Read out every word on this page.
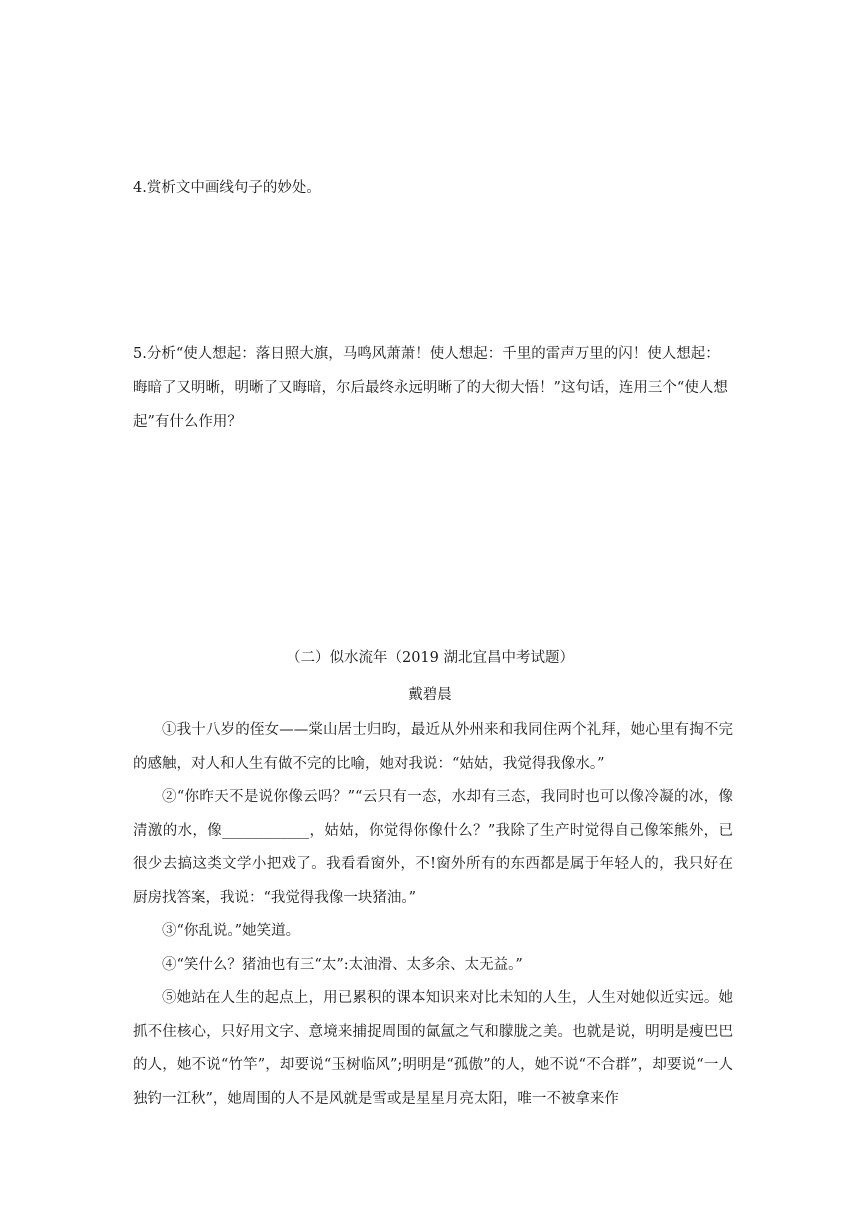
4.赏析文中画线句子的妙处。

5.分析“使人想起：落日照大旗，马鸣风萧萧！使人想起：千里的雷声万里的闪！使人想起：晦暗了又明晰，明晰了又晦暗，尔后最终永远明晰了的大彻大悟！”这句话，连用三个“使人想起”有什么作用？

（二）似水流年（2019 湖北宜昌中考试题）

戴碧晨

①我十八岁的侄女——棠山居士归昀，最近从外州来和我同住两个礼拜，她心里有掏不完的感触，对人和人生有做不完的比喻，她对我说：“姑姑，我觉得我像水。”

②“你昨天不是说你像云吗？”“云只有一态，水却有三态，我同时也可以像冷凝的冰，像清激的水，像____________，姑姑，你觉得你像什么？”我除了生产时觉得自己像笨熊外，已很少去搞这类文学小把戏了。我看看窗外，不!窗外所有的东西都是属于年轻人的，我只好在厨房找答案，我说：“我觉得我像一块猪油。”

③“你乱说。”她笑道。

④“笑什么？猪油也有三“太”:太油滑、太多余、太无益。”

⑤她站在人生的起点上，用已累积的课本知识来对比未知的人生，人生对她似近实远。她抓不住核心，只好用文字、意境来捕捉周围的氤氲之气和朦胧之美。也就是说，明明是瘦巴巴的人，她不说“竹竿”，却要说“玉树临风”;明明是“孤傲”的人，她不说“不合群”，却要说“一人独钓一江秋”，她周围的人不是风就是雪或是星星月亮太阳，唯一不被拿来作
